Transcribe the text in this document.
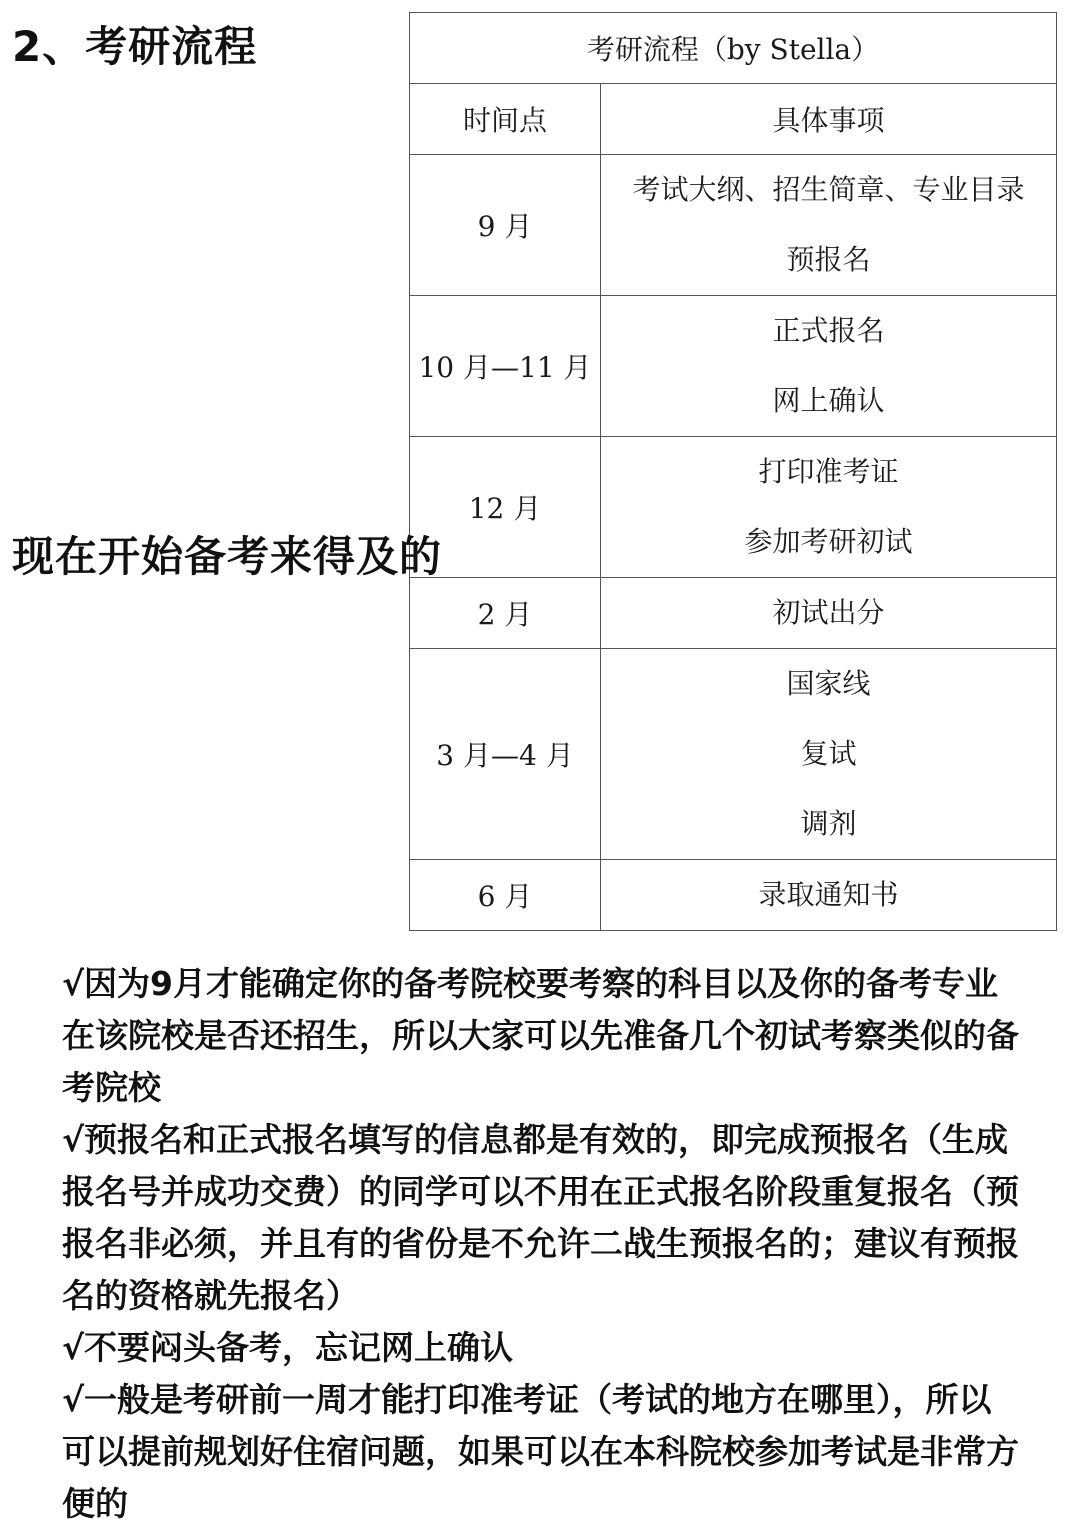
2、考研流程	考研流程（by Stella）	
时间点	具体事项
9 月	考试大纲、招生简章、专业目录
预报名

10 月—11 月	正式报名
网上确认

12 月	打印准考证
参加考研初试

2 月	初试出分

3 月—4 月	国家线
复试
调剂

6 月	录取通知书
现在开始备考来得及的

√因为9月才能确定你的备考院校要考察的科目以及你的备考专业在该院校是否还招生，所以大家可以先准备几个初试考察类似的备考院校

√预报名和正式报名填写的信息都是有效的，即完成预报名（生成报名号并成功交费）的同学可以不用在正式报名阶段重复报名（预报名非必须，并且有的省份是不允许二战生预报名的；建议有预报名的资格就先报名）

√不要闷头备考，忘记网上确认

√一般是考研前一周才能打印准考证（考试的地方在哪里），所以可以提前规划好住宿问题，如果可以在本科院校参加考试是非常方便的
